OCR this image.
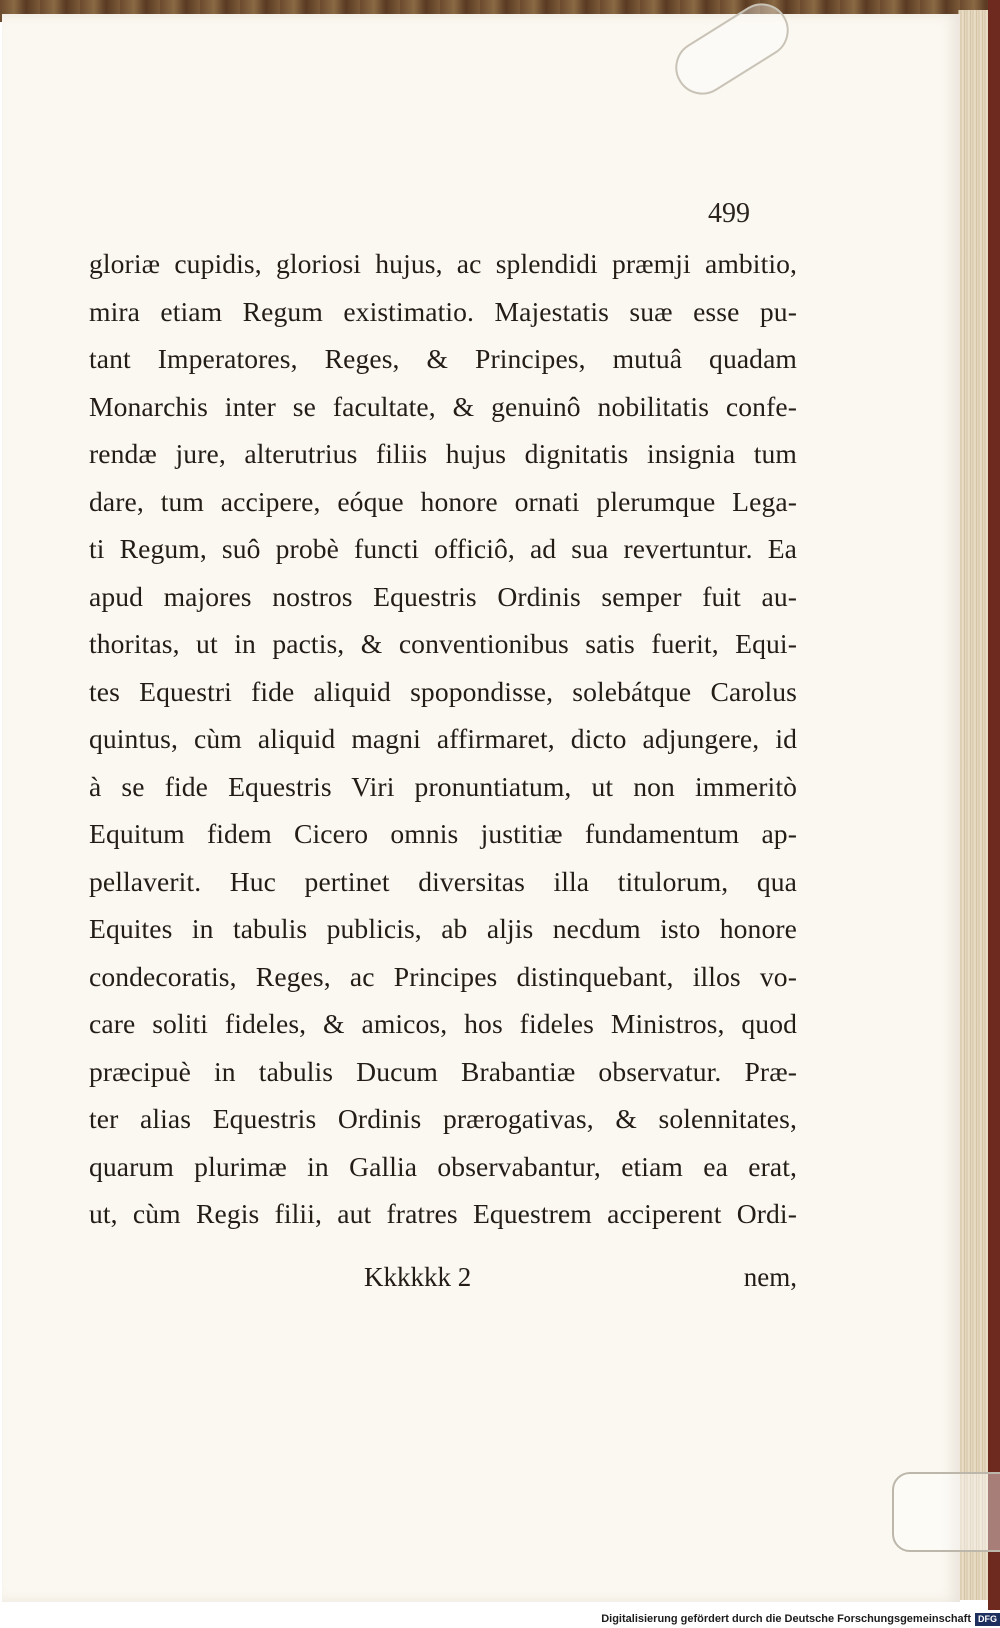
499
gloriæ cupidis, gloriosi hujus, ac splendidi præmji ambitio,
mira etiam Regum existimatio. Majestatis suæ esse pu-
tant Imperatores, Reges, & Principes, mutuâ quadam
Monarchis inter se facultate, & genuinô nobilitatis confe-
rendæ jure, alterutrius filiis hujus dignitatis insignia tum
dare, tum accipere, eóque honore ornati plerumque Lega-
ti Regum, suô probè functi officiô, ad sua revertuntur. Ea
apud majores nostros Equestris Ordinis semper fuit au-
thoritas, ut in pactis, & conventionibus satis fuerit, Equi-
tes Equestri fide aliquid spopondisse, solebátque Carolus
quintus, cùm aliquid magni affirmaret, dicto adjungere, id
à se fide Equestris Viri pronuntiatum, ut non immeritò
Equitum fidem Cicero omnis justitiæ fundamentum ap-
pellaverit. Huc pertinet diversitas illa titulorum, qua
Equites in tabulis publicis, ab aljis necdum isto honore
condecoratis, Reges, ac Principes distinquebant, illos vo-
care soliti fideles, & amicos, hos fideles Ministros, quod
præcipuè in tabulis Ducum Brabantiæ observatur. Præ-
ter alias Equestris Ordinis prærogativas, & solennitates,
quarum plurimæ in Gallia observabantur, etiam ea erat,
ut, cùm Regis filii, aut fratres Equestrem acciperent Ordi-
Kkkkkk 2	nem,
Digitalisierung gefördert durch die Deutsche Forschungsgemeinschaft DFG
